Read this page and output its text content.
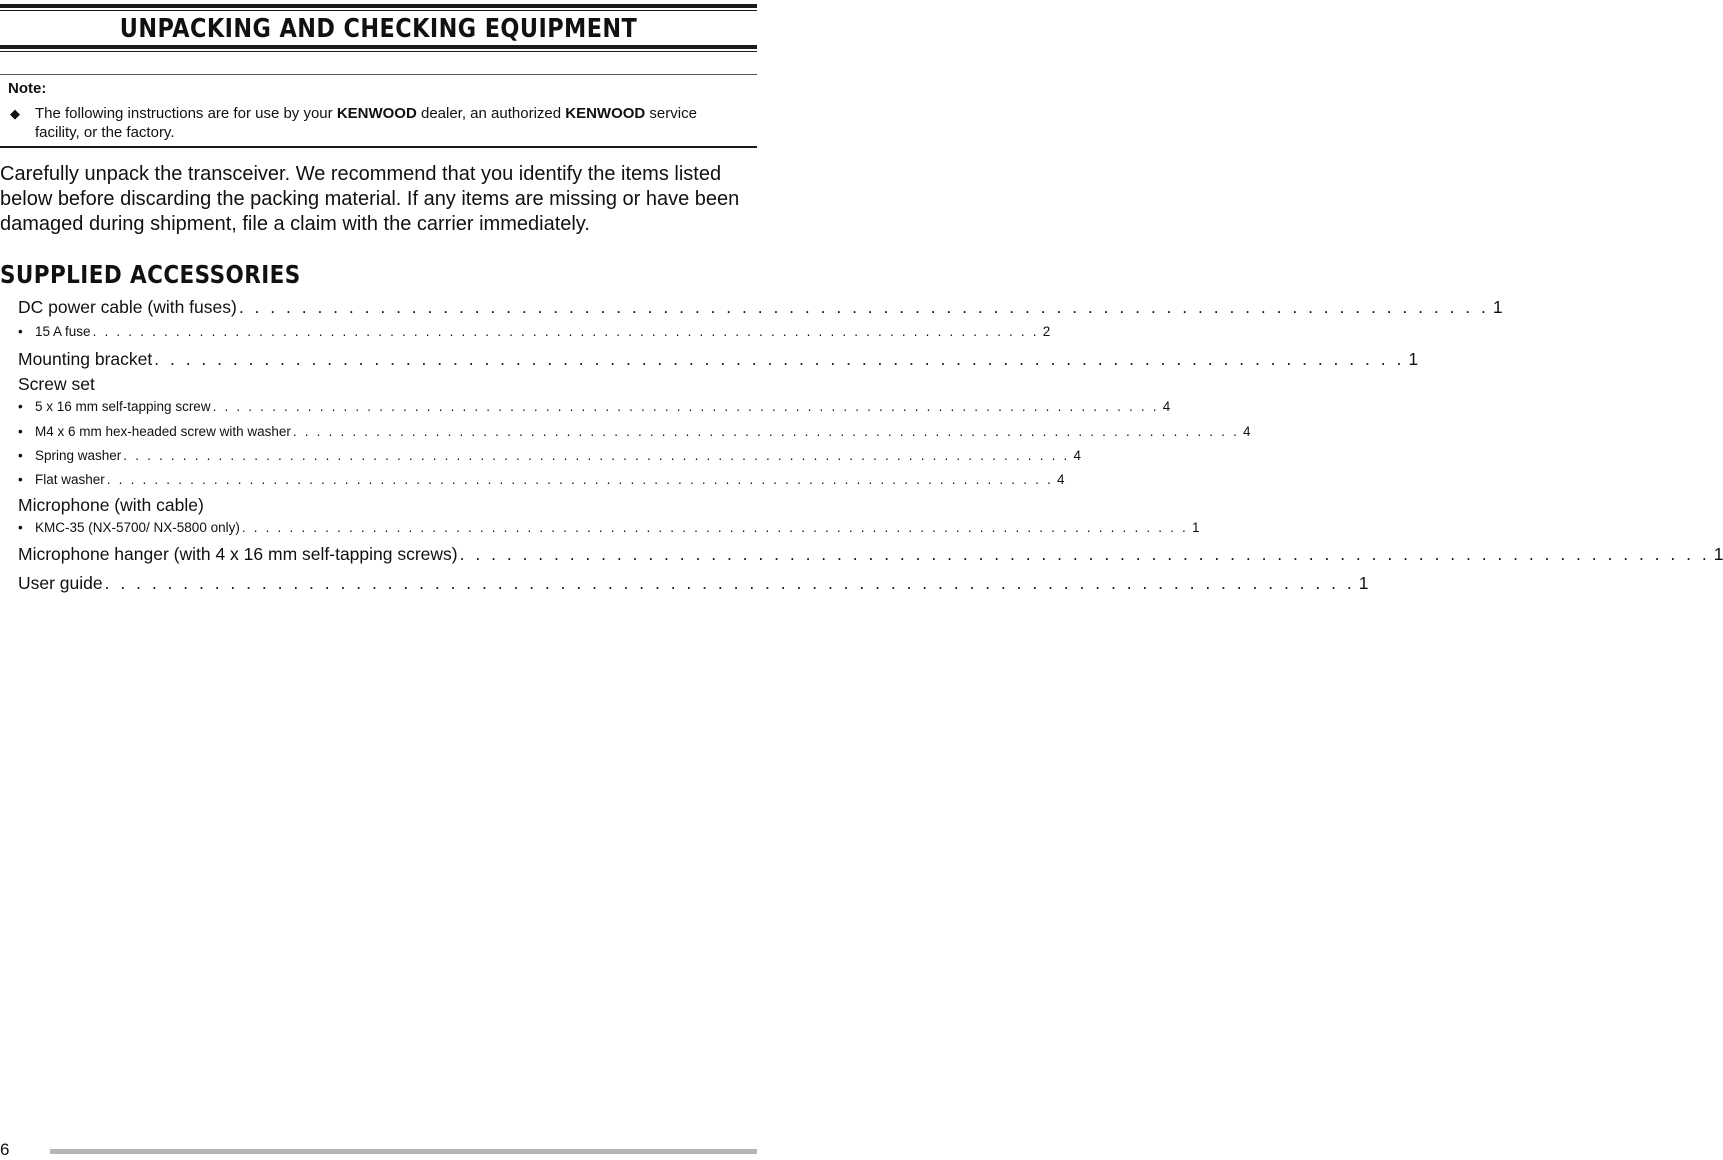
UNPACKING AND CHECKING EQUIPMENT
Note:
◆ The following instructions are for use by your KENWOOD dealer, an authorized KENWOOD service facility, or the factory.
Carefully unpack the transceiver. We recommend that you identify the items listed below before discarding the packing material. If any items are missing or have been damaged during shipment, file a claim with the carrier immediately.
SUPPLIED ACCESSORIES
DC power cable (with fuses) . . . . . . . . . . . . . . . . . . . . . . . . . . . . . . . . . . . . . . . . . . . . . . . . . . . . . . . . . . . . . . . . . . . . . . . . . . . . . . . . 1
• 15 A fuse . . . . . . . . . . . . . . . . . . . . . . . . . . . . . . . . . . . . . . . . . . . . . . . . . . . . . . . . . . . . . . . . . . . . . . . . . . . . . . . . 2
Mounting bracket . . . . . . . . . . . . . . . . . . . . . . . . . . . . . . . . . . . . . . . . . . . . . . . . . . . . . . . . . . . . . . . . . . . . . . . . . . . . . . . . 1
Screw set
• 5 x 16 mm self-tapping screw . . . . . . . . . . . . . . . . . . . . . . . . . . . . . . . . . . . . . . . . . . . . . . . . . . . . . . . . . . . . . . . . . . . . . . . . . . . . . . . . 4
• M4 x 6 mm hex-headed screw with washer . . . . . . . . . . . . . . . . . . . . . . . . . . . . . . . . . . . . . . . . . . . . . . . . . . . . . . . . . . . . . . . . . . . . . . . . . . . . . . . . 4
• Spring washer . . . . . . . . . . . . . . . . . . . . . . . . . . . . . . . . . . . . . . . . . . . . . . . . . . . . . . . . . . . . . . . . . . . . . . . . . . . . . . . . 4
• Flat washer . . . . . . . . . . . . . . . . . . . . . . . . . . . . . . . . . . . . . . . . . . . . . . . . . . . . . . . . . . . . . . . . . . . . . . . . . . . . . . . . 4
Microphone (with cable)
• KMC-35 (NX-5700/ NX-5800 only) . . . . . . . . . . . . . . . . . . . . . . . . . . . . . . . . . . . . . . . . . . . . . . . . . . . . . . . . . . . . . . . . . . . . . . . . . . . . . . . . 1
Microphone hanger (with 4 x 16 mm self-tapping screws) . . . . . . . . . . . . . . . . . . . . . . . . . . . . . . . . . . . . . . . . . . . . . . . . . . . . . . . . . . . . . . . . . . . . . . . . . . . . . . . . 1
User guide . . . . . . . . . . . . . . . . . . . . . . . . . . . . . . . . . . . . . . . . . . . . . . . . . . . . . . . . . . . . . . . . . . . . . . . . . . . . . . . . 1
6
